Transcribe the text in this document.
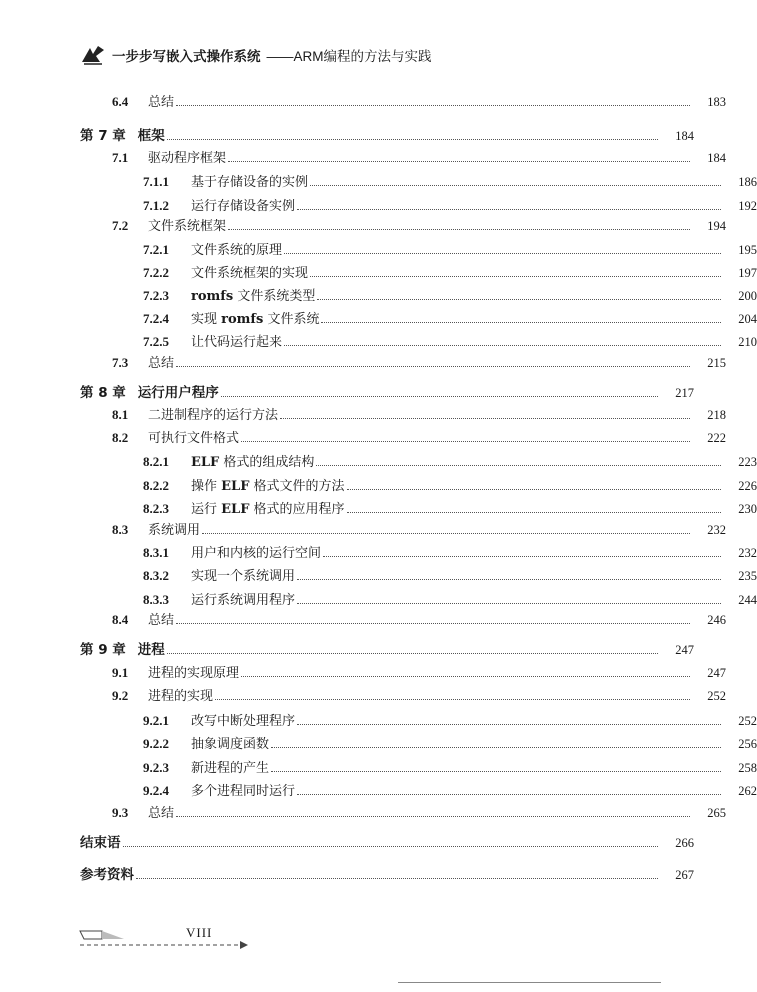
一步步写嵌入式操作系统 ——ARM编程的方法与实践
6.4	总结	183
第 7 章 框架	184
7.1	驱动程序框架	184
7.1.1	基于存储设备的实例	186
7.1.2	运行存储设备实例	192
7.2	文件系统框架	194
7.2.1	文件系统的原理	195
7.2.2	文件系统框架的实现	197
7.2.3	romfs 文件系统类型	200
7.2.4	实现 romfs 文件系统	204
7.2.5	让代码运行起来	210
7.3	总结	215
第 8 章 运行用户程序	217
8.1	二进制程序的运行方法	218
8.2	可执行文件格式	222
8.2.1	ELF 格式的组成结构	223
8.2.2	操作 ELF 格式文件的方法	226
8.2.3	运行 ELF 格式的应用程序	230
8.3	系统调用	232
8.3.1	用户和内核的运行空间	232
8.3.2	实现一个系统调用	235
8.3.3	运行系统调用程序	244
8.4	总结	246
第 9 章 进程	247
9.1	进程的实现原理	247
9.2	进程的实现	252
9.2.1	改写中断处理程序	252
9.2.2	抽象调度函数	256
9.2.3	新进程的产生	258
9.2.4	多个进程同时运行	262
9.3	总结	265
结束语	266
参考资料	267
VIII
